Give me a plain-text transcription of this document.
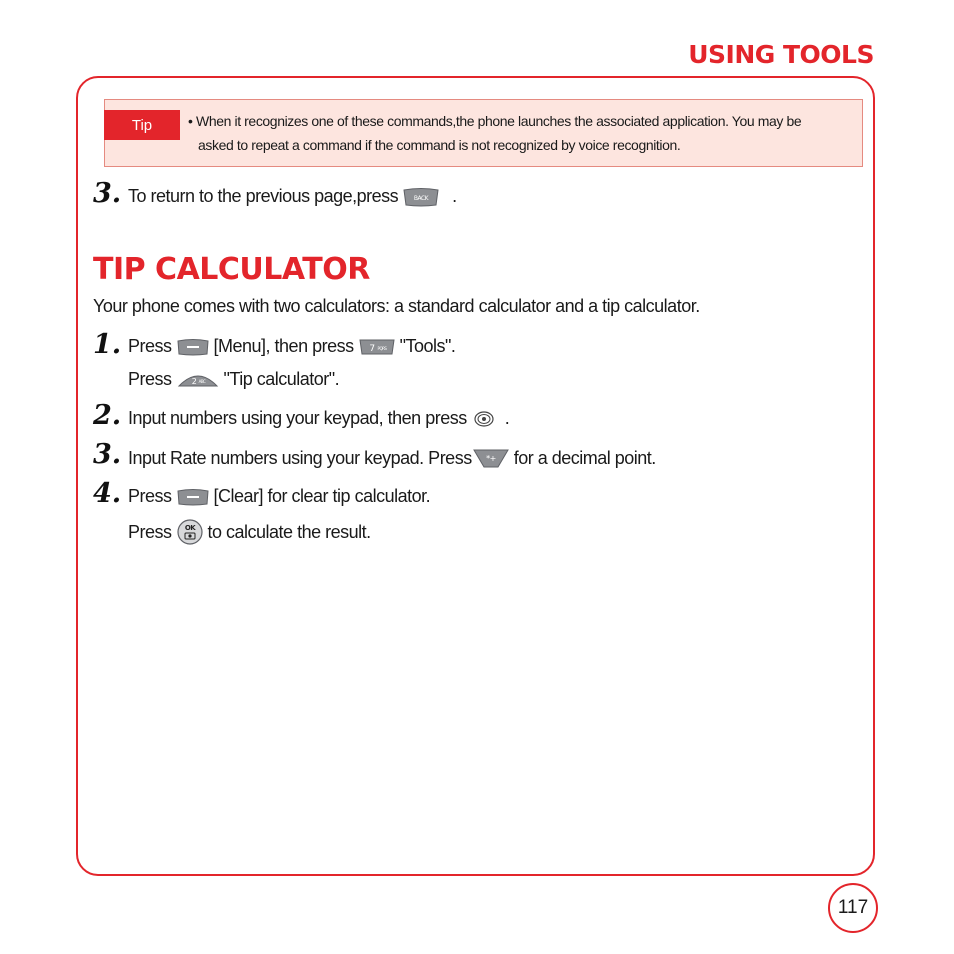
USING TOOLS
Tip	• When it recognizes one of these commands,the phone launches the associated application. You may be
asked to repeat a command if the command is not recognized by voice recognition.
3. To return to the previous page,press	BACK .
TIP CALCULATOR
Your phone comes with two calculators: a standard calculator and a tip calculator.
1. Press [Menu], then press 7 PQRS "Tools".
Press 2 ABC "Tip calculator".
2. Input numbers using your keypad, then press .
3. Input Rate numbers using your keypad. Press *+ for a decimal point.
4. Press [Clear] for clear tip calculator.
Press OK to calculate the result.
117
